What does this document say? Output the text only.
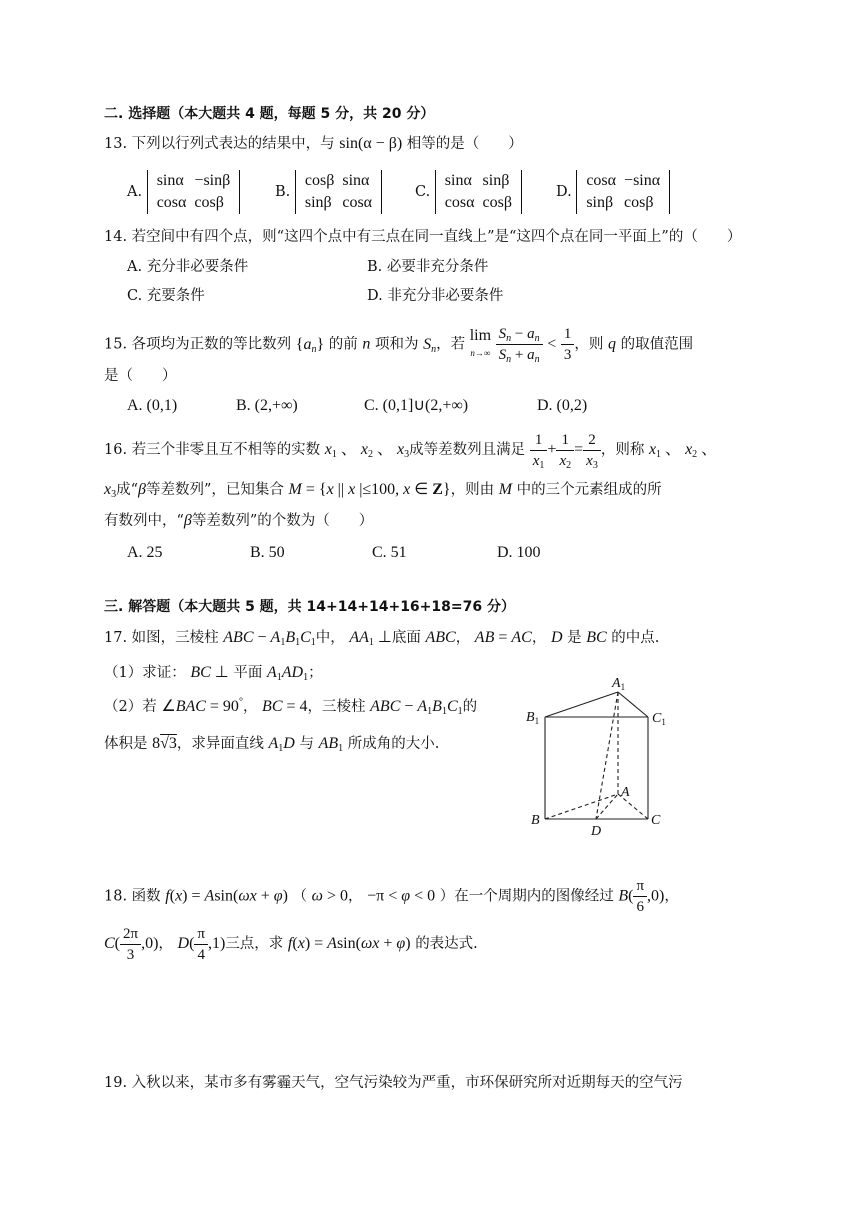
二. 选择题（本大题共 4 题，每题 5 分，共 20 分）
13. 下列以行列式表达的结果中，与 sin(α − β) 相等的是（　　）
A.
sinα	−sinβ
cosα	cosβ
B.
cosβ	sinα
sinβ	cosα
C.
sinα	sinβ
cosα	cosβ
D.
cosα	−sinα
sinβ	cosβ
14. 若空间中有四个点，则“这四个点中有三点在同一直线上”是“这四个点在同一平面上”的（　　）
A. 充分非必要条件	B. 必要非充分条件
C. 充要条件	D. 非充分非必要条件
15. 各项均为正数的等比数列 $\{a_n\}$ 的前 n 项和为 $S_n$，若 lim
$n\to\infty \frac{S_n - a_n}{S_n + a_n} < \frac{1}{3}$ ，则 q 的取值范围
是（　　）
A. (0,1)	B. (2,+∞)	C. (0,1]∪(2,+∞)	D. (0,2)
16. 若三个非零且互不相等的实数 $x_1$ 、 $x_2$ 、 $x_3$成等差数列且满足 $\frac{1}{x_1} + \frac{1}{x_2} = \frac{2}{x_3}$ ，则称 $x_1$ 、 $x_2$ 、
$x_3$成“β等差数列”，已知集合 M = {x || x |≤100, x ∈ Z}，则由 M 中的三个元素组成的所
有数列中，“β等差数列”的个数为（　　）
A. 25	B. 50	C. 51	D. 100
三. 解答题（本大题共 5 题，共 14+14+14+16+18=76 分）
17. 如图，三棱柱 ABC − $A_1B_1C_1$中， $AA_1$ ⊥底面 ABC， AB = AC， D 是 BC 的中点.
（1）求证： BC ⊥ 平面 $A_1AD_1$；
（2）若 ∠BAC = 90°， BC = 4，三棱柱 ABC − $A_1B_1C_1$的
体积是 8√3，求异面直线 $A_1D$ 与 $AB_1$ 所成角的大小.
$A_1$
$B_1$	$C_1$
A
B	C
D
18. 函数 f(x) = Asin(ωx + φ) （ ω > 0， −π < φ < 0 ）在一个周期内的图像经过 $B( \frac{\pi}{6} ,0)$，
$C( \frac{2\pi}{3} ,0)$， $D( \frac{\pi}{4} ,1)$三点，求 f(x) = Asin(ωx + φ) 的表达式.
19. 入秋以来，某市多有雾霾天气，空气污染较为严重，市环保研究所对近期每天的空气污
